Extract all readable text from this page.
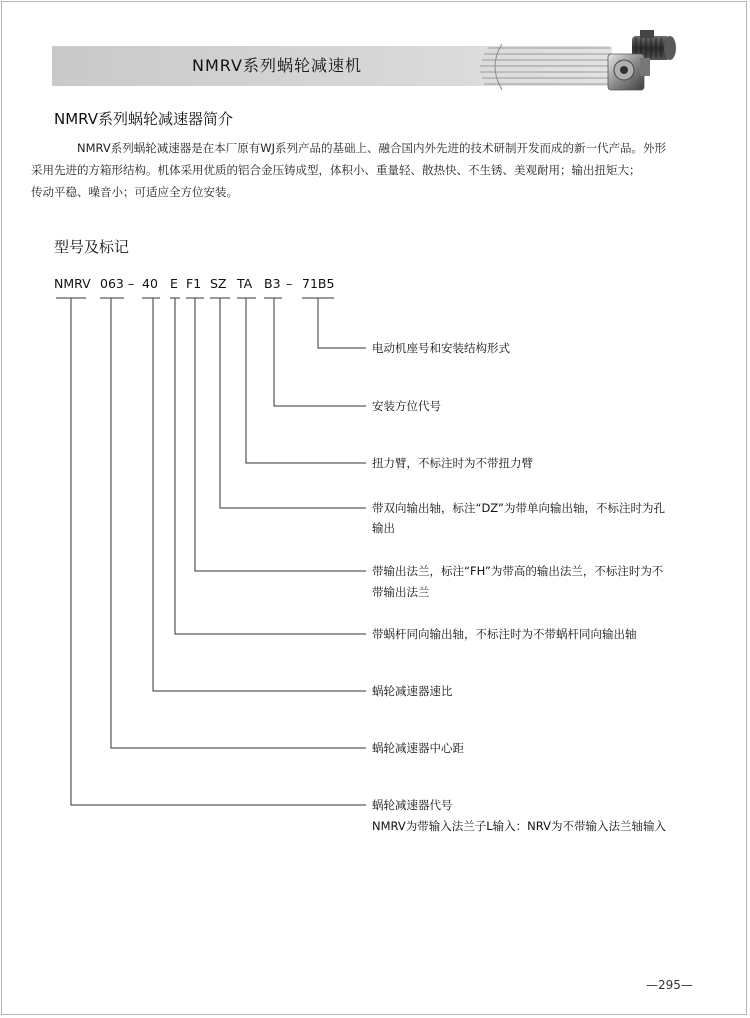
NMRV系列蜗轮减速机
NMRV系列蜗轮减速器简介
NMRV系列蜗轮减速器是在本厂原有WJ系列产品的基础上、融合国内外先进的技术研制开发而成的新一代产品。外形
采用先进的方箱形结构。机体采用优质的铝合金压铸成型，体积小、重量轻、散热快、不生锈、美观耐用；输出扭矩大；
传动平稳、噪音小；可适应全方位安装。
型号及标记
NMRV 063 – 40 E F1 SZ TA B3 – 71B5
电动机座号和安装结构形式
安装方位代号
扭力臂，不标注时为不带扭力臂
带双向输出轴，标注“DZ”为带单向输出轴，不标注时为孔
输出
带输出法兰，标注“FH”为带高的输出法兰，不标注时为不
带输出法兰
带蜗杆同向输出轴，不标注时为不带蜗杆同向输出轴
蜗轮减速器速比
蜗轮减速器中心距
蜗轮减速器代号
NMRV为带输入法兰子L输入：NRV为不带输入法兰轴输入
—295—
